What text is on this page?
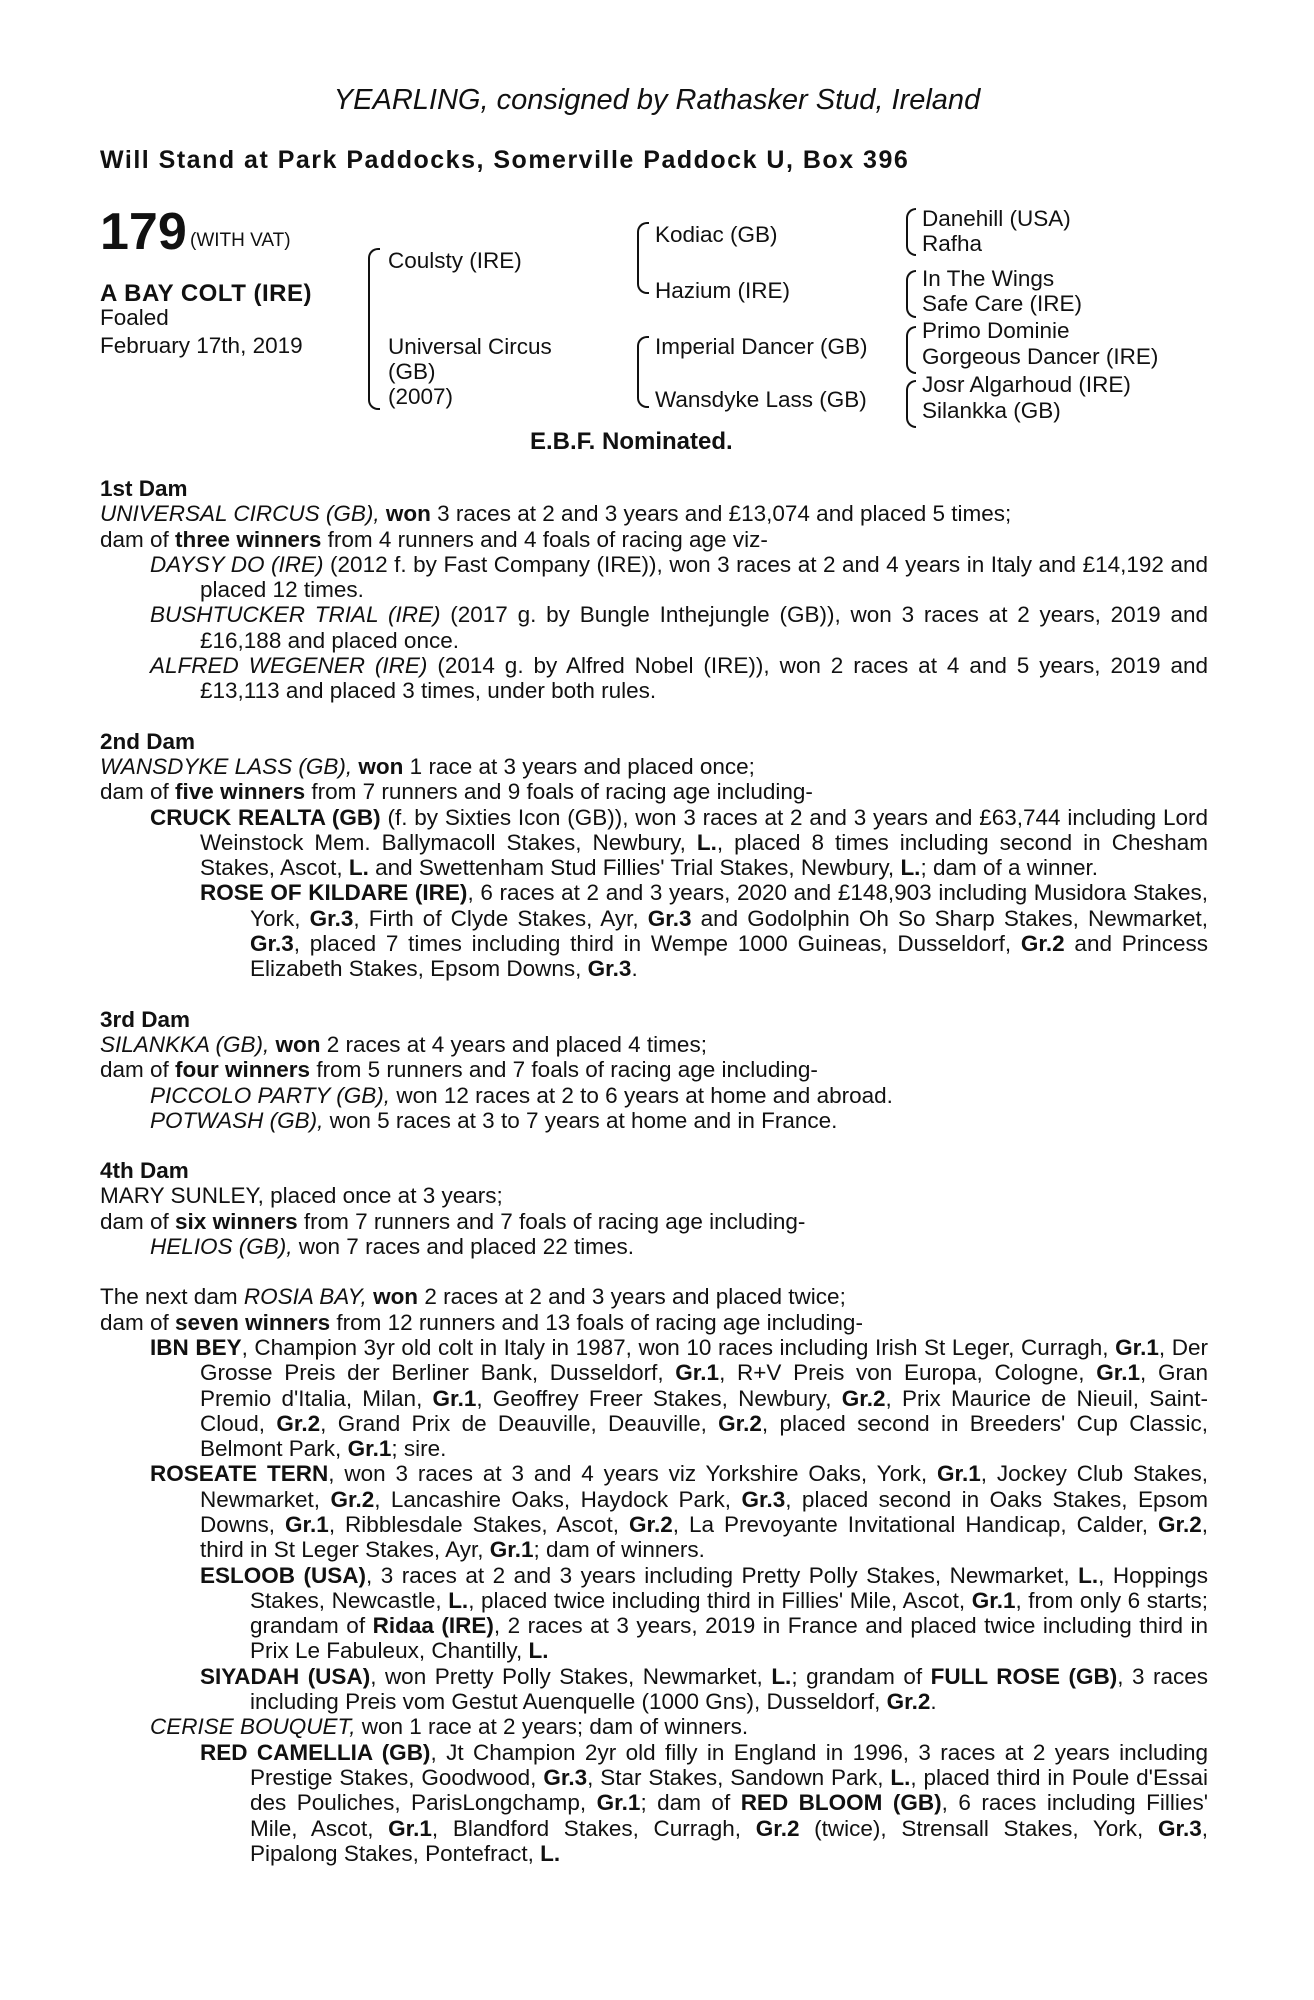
YEARLING, consigned by Rathasker Stud, Ireland
Will Stand at Park Paddocks, Somerville Paddock U, Box 396
179 (WITH VAT)
A BAY COLT (IRE)
Foaled
February 17th, 2019
Coulsty (IRE)
Universal Circus
(GB)
(2007)
Kodiac (GB)
Hazium (IRE)
Imperial Dancer (GB)
Wansdyke Lass (GB)
Danehill (USA)
Rafha
In The Wings
Safe Care (IRE)
Primo Dominie
Gorgeous Dancer (IRE)
Josr Algarhoud (IRE)
Silankka (GB)
E.B.F. Nominated.

1st Dam

UNIVERSAL CIRCUS (GB), won 3 races at 2 and 3 years and £13,074 and placed 5 times;

dam of three winners from 4 runners and 4 foals of racing age viz-

DAYSY DO (IRE) (2012 f. by Fast Company (IRE)), won 3 races at 2 and 4 years in Italy and £14,192 and placed 12 times.

BUSHTUCKER TRIAL (IRE) (2017 g. by Bungle Inthejungle (GB)), won 3 races at 2 years, 2019 and £16,188 and placed once.

ALFRED WEGENER (IRE) (2014 g. by Alfred Nobel (IRE)), won 2 races at 4 and 5 years, 2019 and £13,113 and placed 3 times, under both rules.

2nd Dam

WANSDYKE LASS (GB), won 1 race at 3 years and placed once;

dam of five winners from 7 runners and 9 foals of racing age including-

CRUCK REALTA (GB) (f. by Sixties Icon (GB)), won 3 races at 2 and 3 years and £63,744 including Lord Weinstock Mem. Ballymacoll Stakes, Newbury, L., placed 8 times including second in Chesham Stakes, Ascot, L. and Swettenham Stud Fillies' Trial Stakes, Newbury, L.; dam of a winner.

ROSE OF KILDARE (IRE), 6 races at 2 and 3 years, 2020 and £148,903 including Musidora Stakes, York, Gr.3, Firth of Clyde Stakes, Ayr, Gr.3 and Godolphin Oh So Sharp Stakes, Newmarket, Gr.3, placed 7 times including third in Wempe 1000 Guineas, Dusseldorf, Gr.2 and Princess Elizabeth Stakes, Epsom Downs, Gr.3.

3rd Dam

SILANKKA (GB), won 2 races at 4 years and placed 4 times;

dam of four winners from 5 runners and 7 foals of racing age including-

PICCOLO PARTY (GB), won 12 races at 2 to 6 years at home and abroad.

POTWASH (GB), won 5 races at 3 to 7 years at home and in France.

4th Dam

MARY SUNLEY, placed once at 3 years;

dam of six winners from 7 runners and 7 foals of racing age including-

HELIOS (GB), won 7 races and placed 22 times.

The next dam ROSIA BAY, won 2 races at 2 and 3 years and placed twice;

dam of seven winners from 12 runners and 13 foals of racing age including-

IBN BEY, Champion 3yr old colt in Italy in 1987, won 10 races including Irish St Leger, Curragh, Gr.1, Der Grosse Preis der Berliner Bank, Dusseldorf, Gr.1, R+V Preis von Europa, Cologne, Gr.1, Gran Premio d'Italia, Milan, Gr.1, Geoffrey Freer Stakes, Newbury, Gr.2, Prix Maurice de Nieuil, Saint-Cloud, Gr.2, Grand Prix de Deauville, Deauville, Gr.2, placed second in Breeders' Cup Classic, Belmont Park, Gr.1; sire.

ROSEATE TERN, won 3 races at 3 and 4 years viz Yorkshire Oaks, York, Gr.1, Jockey Club Stakes, Newmarket, Gr.2, Lancashire Oaks, Haydock Park, Gr.3, placed second in Oaks Stakes, Epsom Downs, Gr.1, Ribblesdale Stakes, Ascot, Gr.2, La Prevoyante Invitational Handicap, Calder, Gr.2, third in St Leger Stakes, Ayr, Gr.1; dam of winners.

ESLOOB (USA), 3 races at 2 and 3 years including Pretty Polly Stakes, Newmarket, L., Hoppings Stakes, Newcastle, L., placed twice including third in Fillies' Mile, Ascot, Gr.1, from only 6 starts; grandam of Ridaa (IRE), 2 races at 3 years, 2019 in France and placed twice including third in Prix Le Fabuleux, Chantilly, L.

SIYADAH (USA), won Pretty Polly Stakes, Newmarket, L.; grandam of FULL ROSE (GB), 3 races including Preis vom Gestut Auenquelle (1000 Gns), Dusseldorf, Gr.2.

CERISE BOUQUET, won 1 race at 2 years; dam of winners.

RED CAMELLIA (GB), Jt Champion 2yr old filly in England in 1996, 3 races at 2 years including Prestige Stakes, Goodwood, Gr.3, Star Stakes, Sandown Park, L., placed third in Poule d'Essai des Pouliches, ParisLongchamp, Gr.1; dam of RED BLOOM (GB), 6 races including Fillies' Mile, Ascot, Gr.1, Blandford Stakes, Curragh, Gr.2 (twice), Strensall Stakes, York, Gr.3, Pipalong Stakes, Pontefract, L.
